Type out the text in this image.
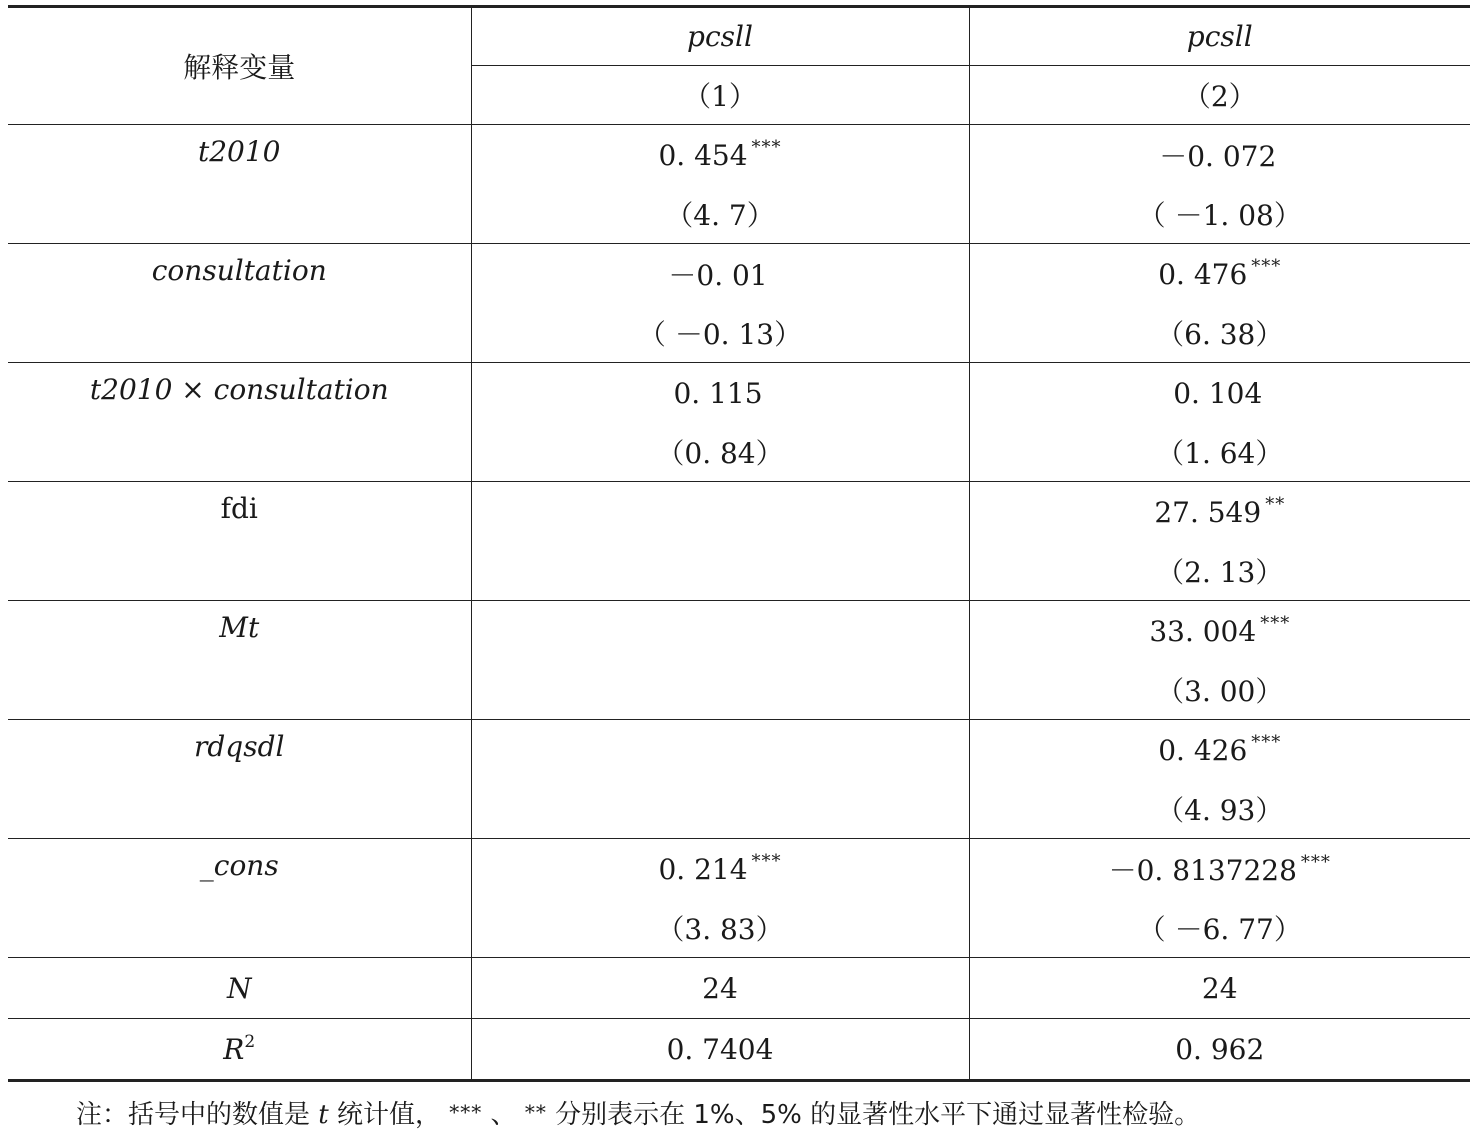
解释变量	pcsll	pcsll
	（1）	（2）
t2010	0. 454 ***	－0. 072
	（4. 7）	（ －1. 08）
consultation	－0. 01	0. 476 ***
	（ －0. 13）	（6. 38）
t2010 × consultation	0. 115	0. 104
	（0. 84）	（1. 64）
fdi		27. 549 **
		（2. 13）
Mt		33. 004 ***
		（3. 00）
rdqsdl		0. 426 ***
		（4. 93）
_cons	0. 214 ***	－0. 8137228 ***
	（3. 83）	（ －6. 77）
N	24	24
$R^2$	0. 7404	0. 962
注：括号中的数值是 t 统计值， *** 、 ** 分别表示在 1%、5% 的显著性水平下通过显著性检验。
